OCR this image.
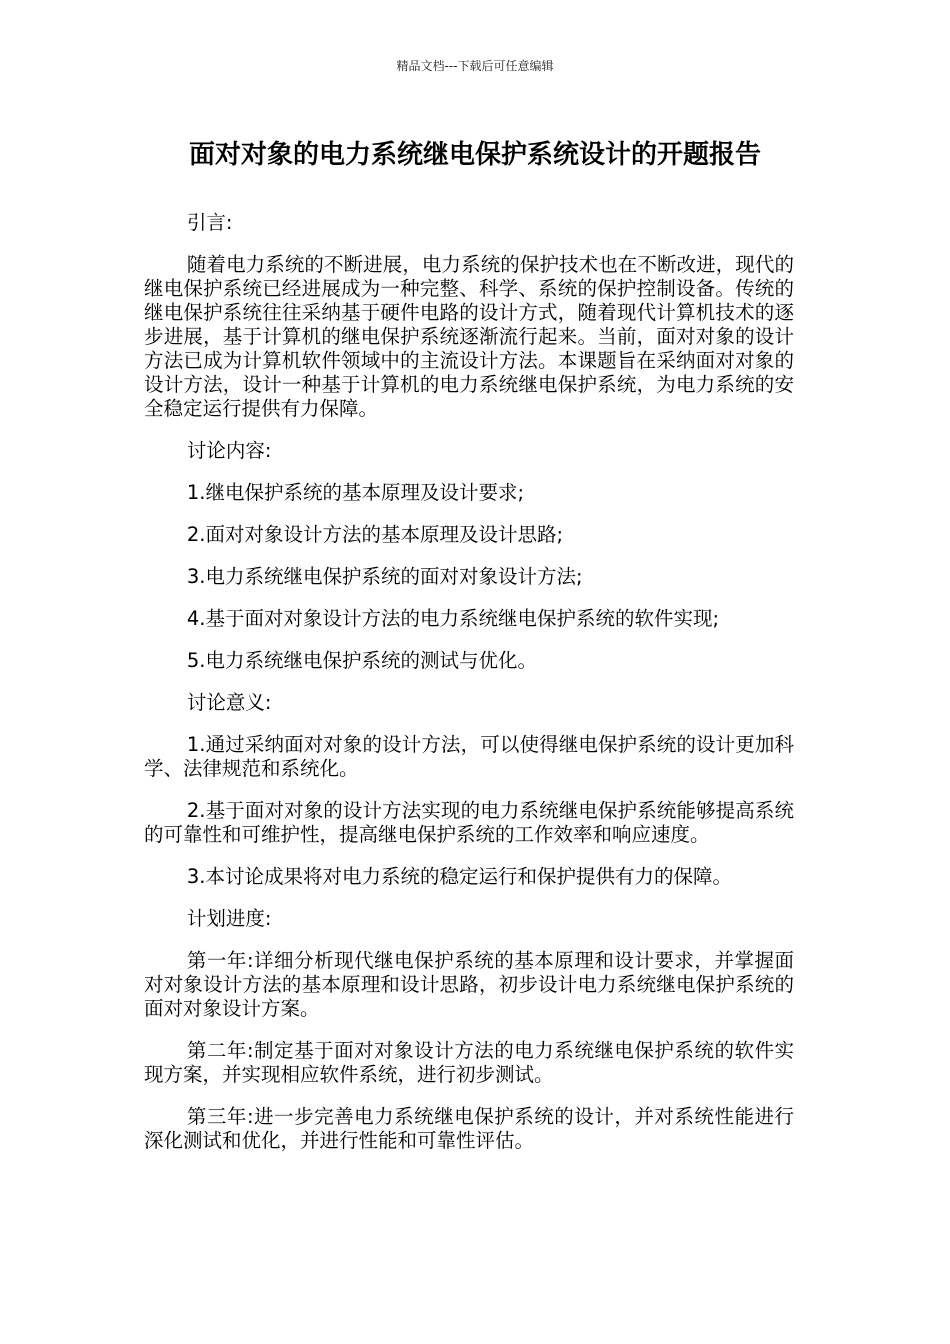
精品文档---下载后可任意编辑
面对对象的电力系统继电保护系统设计的开题报告

引言:

随着电力系统的不断进展，电力系统的保护技术也在不断改进，现代的继电保护系统已经进展成为一种完整、科学、系统的保护控制设备。传统的继电保护系统往往采纳基于硬件电路的设计方式，随着现代计算机技术的逐步进展，基于计算机的继电保护系统逐渐流行起来。当前，面对对象的设计方法已成为计算机软件领域中的主流设计方法。本课题旨在采纳面对对象的设计方法，设计一种基于计算机的电力系统继电保护系统，为电力系统的安全稳定运行提供有力保障。

讨论内容:

1.继电保护系统的基本原理及设计要求;

2.面对对象设计方法的基本原理及设计思路;

3.电力系统继电保护系统的面对对象设计方法;

4.基于面对对象设计方法的电力系统继电保护系统的软件实现;

5.电力系统继电保护系统的测试与优化。

讨论意义:

1.通过采纳面对对象的设计方法，可以使得继电保护系统的设计更加科学、法律规范和系统化。

2.基于面对对象的设计方法实现的电力系统继电保护系统能够提高系统的可靠性和可维护性，提高继电保护系统的工作效率和响应速度。

3.本讨论成果将对电力系统的稳定运行和保护提供有力的保障。

计划进度:

第一年:详细分析现代继电保护系统的基本原理和设计要求，并掌握面对对象设计方法的基本原理和设计思路，初步设计电力系统继电保护系统的面对对象设计方案。

第二年:制定基于面对对象设计方法的电力系统继电保护系统的软件实现方案，并实现相应软件系统，进行初步测试。

第三年:进一步完善电力系统继电保护系统的设计，并对系统性能进行深化测试和优化，并进行性能和可靠性评估。
